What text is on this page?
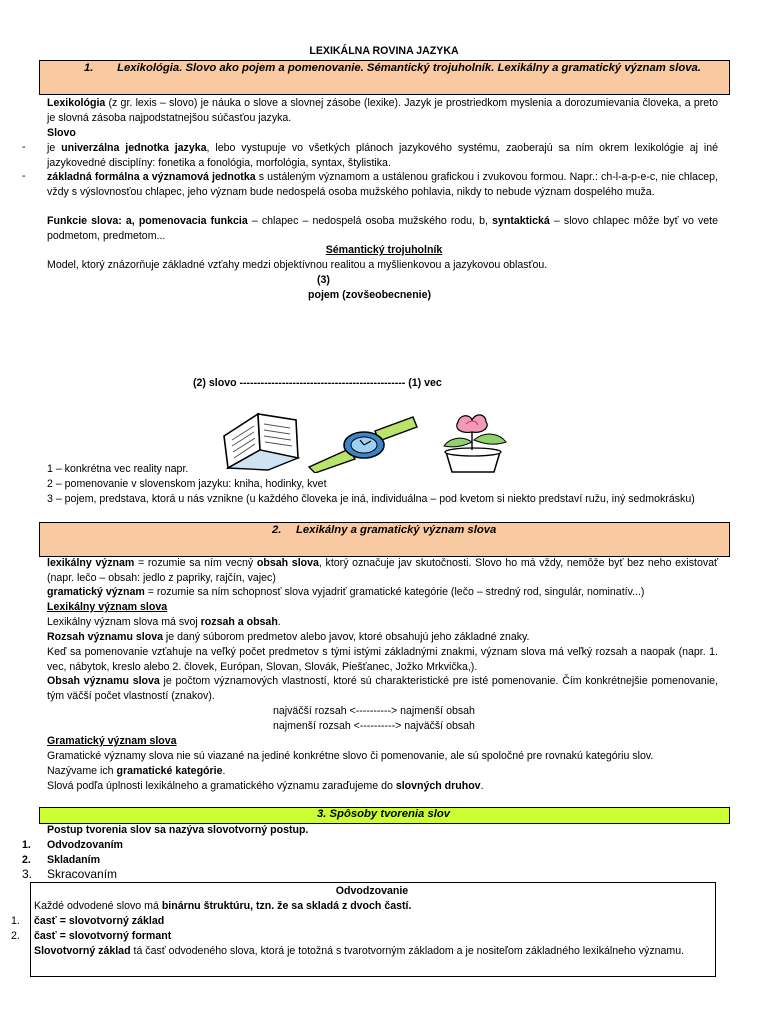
LEXIKÁLNA ROVINA JAZYKA
1.	Lexikológia. Slovo ako pojem a pomenovanie. Sémantický trojuholník. Lexikálny a gramatický význam slova.
Lexikológia (z gr. lexis – slovo) je náuka o slove a slovnej zásobe (lexike). Jazyk je prostriedkom myslenia a dorozumievania človeka, a preto je slovná zásoba najpodstatnejšou súčasťou jazyka.
Slovo
- je univerzálna jednotka jazyka, lebo vystupuje vo všetkých plánoch jazykového systému, zaoberajú sa ním okrem lexikológie aj iné jazykovedné disciplíny: fonetika a fonológia, morfológia, syntax, štylistika.
- základná formálna a významová jednotka s ustáleným významom a ustálenou grafickou i zvukovou formou. Napr.: ch-l-a-p-e-c, nie chlacep, vždy s výslovnosťou chlapec, jeho význam bude nedospelá osoba mužského pohlavia, nikdy to nebude význam dospelého muža.
Funkcie slova: a, pomenovacia funkcia – chlapec – nedospelá osoba mužského rodu, b, syntaktická – slovo chlapec môže byť vo vete podmetom, predmetom...
Sémantický trojuholník
Model, ktorý znázorňuje základné vzťahy medzi objektívnou realitou a myšlienkovou a jazykovou oblasťou.
(3)
pojem (zovšeobecnenie)
(2) slovo ----------------------------------------------- (1) vec
1 – konkrétna vec reality napr.
2 – pomenovanie v slovenskom jazyku: kniha, hodinky, kvet
3 – pojem, predstava, ktorá u nás vznikne (u každého človeka je iná, individuálna – pod kvetom si niekto predstaví ružu, iný sedmokrásku)
2.	Lexikálny a gramatický význam slova
lexikálny význam = rozumie sa ním vecný obsah slova, ktorý označuje jav skutočnosti. Slovo ho má vždy, nemôže byť bez neho existovať (napr. lečo – obsah: jedlo z papriky, rajčín, vajec)
gramatický význam = rozumie sa ním schopnosť slova vyjadriť gramatické kategórie (lečo – stredný rod, singulár, nominatív...)
Lexikálny význam slova
Lexikálny význam slova má svoj rozsah a obsah.
Rozsah významu slova je daný súborom predmetov alebo javov, ktoré obsahujú jeho základné znaky.
Keď sa pomenovanie vzťahuje na veľký počet predmetov s tými istými základnými znakmi, význam slova má veľký rozsah a naopak (napr. 1. vec, nábytok, kreslo alebo 2. človek, Európan, Slovan, Slovák, Piešťanec, Jožko Mrkvička,).
Obsah významu slova je počtom významových vlastností, ktoré sú charakteristické pre isté pomenovanie. Čím konkrétnejšie pomenovanie, tým väčší počet vlastností (znakov).
najväčší rozsah <----------> najmenší obsah
najmenší rozsah <----------> najväčší obsah
Gramatický význam slova
Gramatické významy slova nie sú viazané na jediné konkrétne slovo či pomenovanie, ale sú spoločné pre rovnakú kategóriu slov.
Nazývame ich gramatické kategórie.
Slová podľa úplnosti lexikálneho a gramatického významu zaraďujeme do slovných druhov.
3. Spôsoby tvorenia slov
Postup tvorenia slov sa nazýva slovotvorný postup.
1. Odvodzovaním
2. Skladaním
3. Skracovaním
Odvodzovanie
Každé odvodené slovo má binárnu štruktúru, tzn. že sa skladá z dvoch častí.
1. časť = slovotvorný základ
2. časť = slovotvorný formant
Slovotvorný základ tá časť odvodeného slova, ktorá je totožná s tvarotvorným základom a je nositeľom základného lexikálneho významu.
